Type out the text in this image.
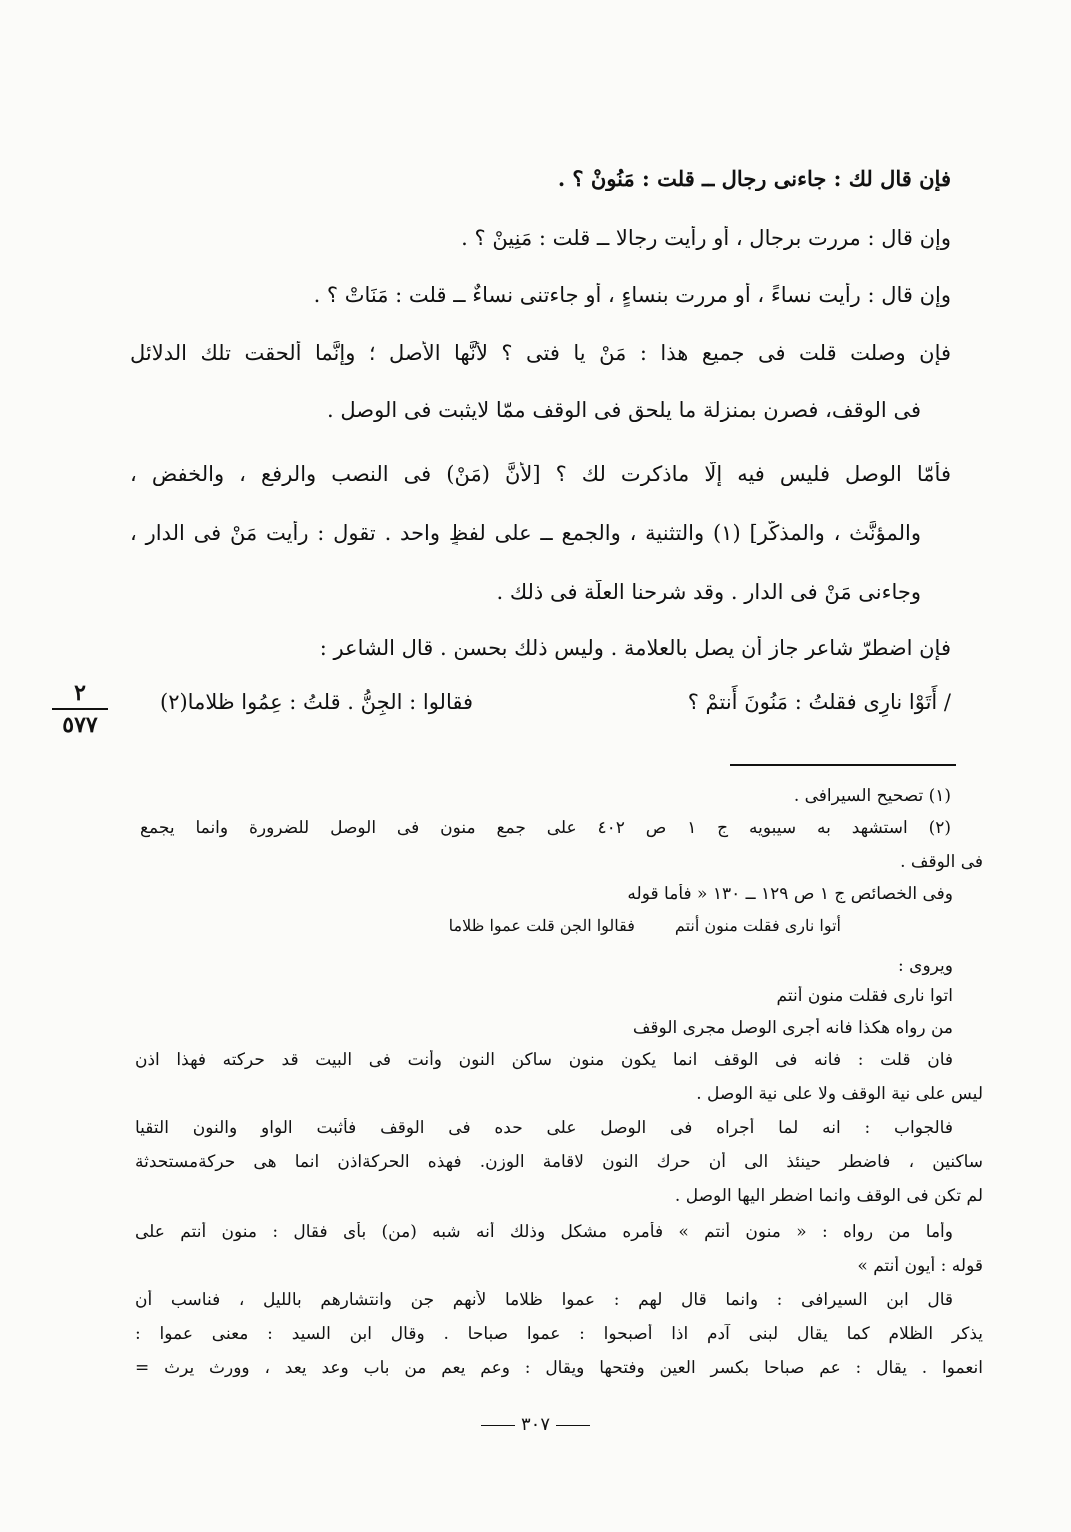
فإن قال لك : جاءنى رجال ــ قلت : مَنُونْ ؟ .
وإن قال : مررت برجال ، أو رأيت رجالا ــ قلت : مَنِينْ ؟ .
وإن قال : رأيت نساءً ، أو مررت بنساءٍ ، أو جاءتنى نساءٌ ــ قلت : مَنَاتْ ؟ .
فإن وصلت قلت فى جميع هذا : مَنْ يا فتى ؟ لأَنَّها الأَصل ؛ وإنَّما أَلحقت تلك الدلائل
فى الوقف، فصرن بمنزلة ما يلحق فى الوقف ممّا لايثبت فى الوصل .
فأمّا الوصل فليس فيه إلّا ماذكرت لك ؟ [لأَنَّ (مَنْ) فى النصب والرفع ، والخفض ،
والمؤنَّث ، والمذكَّر] (١) والتثنية ، والجمع ــ على لفظٍ واحد . تقول : رأيت مَنْ فى الدار ،
وجاءنى مَنْ فى الدار . وقد شرحنا العلَّة فى ذلك .
فإن اضطرّ شاعر جاز أن يصل بالعلامة . وليس ذلك بحسن . قال الشاعر :
/ أَتَوْا نارِى فقلتُ : مَنُونَ أَنتمْ ؟
فقالوا : الجِنُّ . قلتُ : عِمُوا ظلاما(٢)
٢
٥٧٧
(١) تصحيح السيرافى .
(٢) استشهد به سيبويه ج ١ ص ٤٠٢ على جمع منون فى الوصل للضرورة وانما يجمع
فى الوقف .
وفى الخصائص ج ١ ص ١٢٩ ــ ١٣٠ « فأما قوله
أتوا نارى فقلت منون أنتم
فقالوا الجن قلت عموا ظلاما
ويروى :
اتوا نارى فقلت منون أنتم
من رواه هكذا فانه أجرى الوصل مجرى الوقف
فان قلت : فانه فى الوقف انما يكون منون ساكن النون وأنت فى البيت قد حركته فهذا اذن
ليس على نية الوقف ولا على نية الوصل .
فالجواب : انه لما أجراه فى الوصل على حده فى الوقف فأثبت الواو والنون التقيا
ساكنين ، فاضطر حينئذ الى أن حرك النون لاقامة الوزن. فهذه الحركةاذن انما هى حركةمستحدثة
لم تكن فى الوقف وانما اضطر اليها الوصل .
وأما من رواه : « منون أنتم » فأمره مشكل وذلك أنه شبه (من) بأى فقال : منون أنتم على
قوله : أيون أنتم »
قال ابن السيرافى : وانما قال لهم : عموا ظلاما لأنهم جن وانتشارهم بالليل ، فناسب أن
يذكر الظلام كما يقال لبنى آدم اذا أصبحوا : عموا صباحا . وقال ابن السيد : معنى عموا :
انعموا . يقال : عم صباحا بكسر العين وفتحها ويقال : وعم يعم من باب وعد يعد ، وورث يرث =
٣٠٧
